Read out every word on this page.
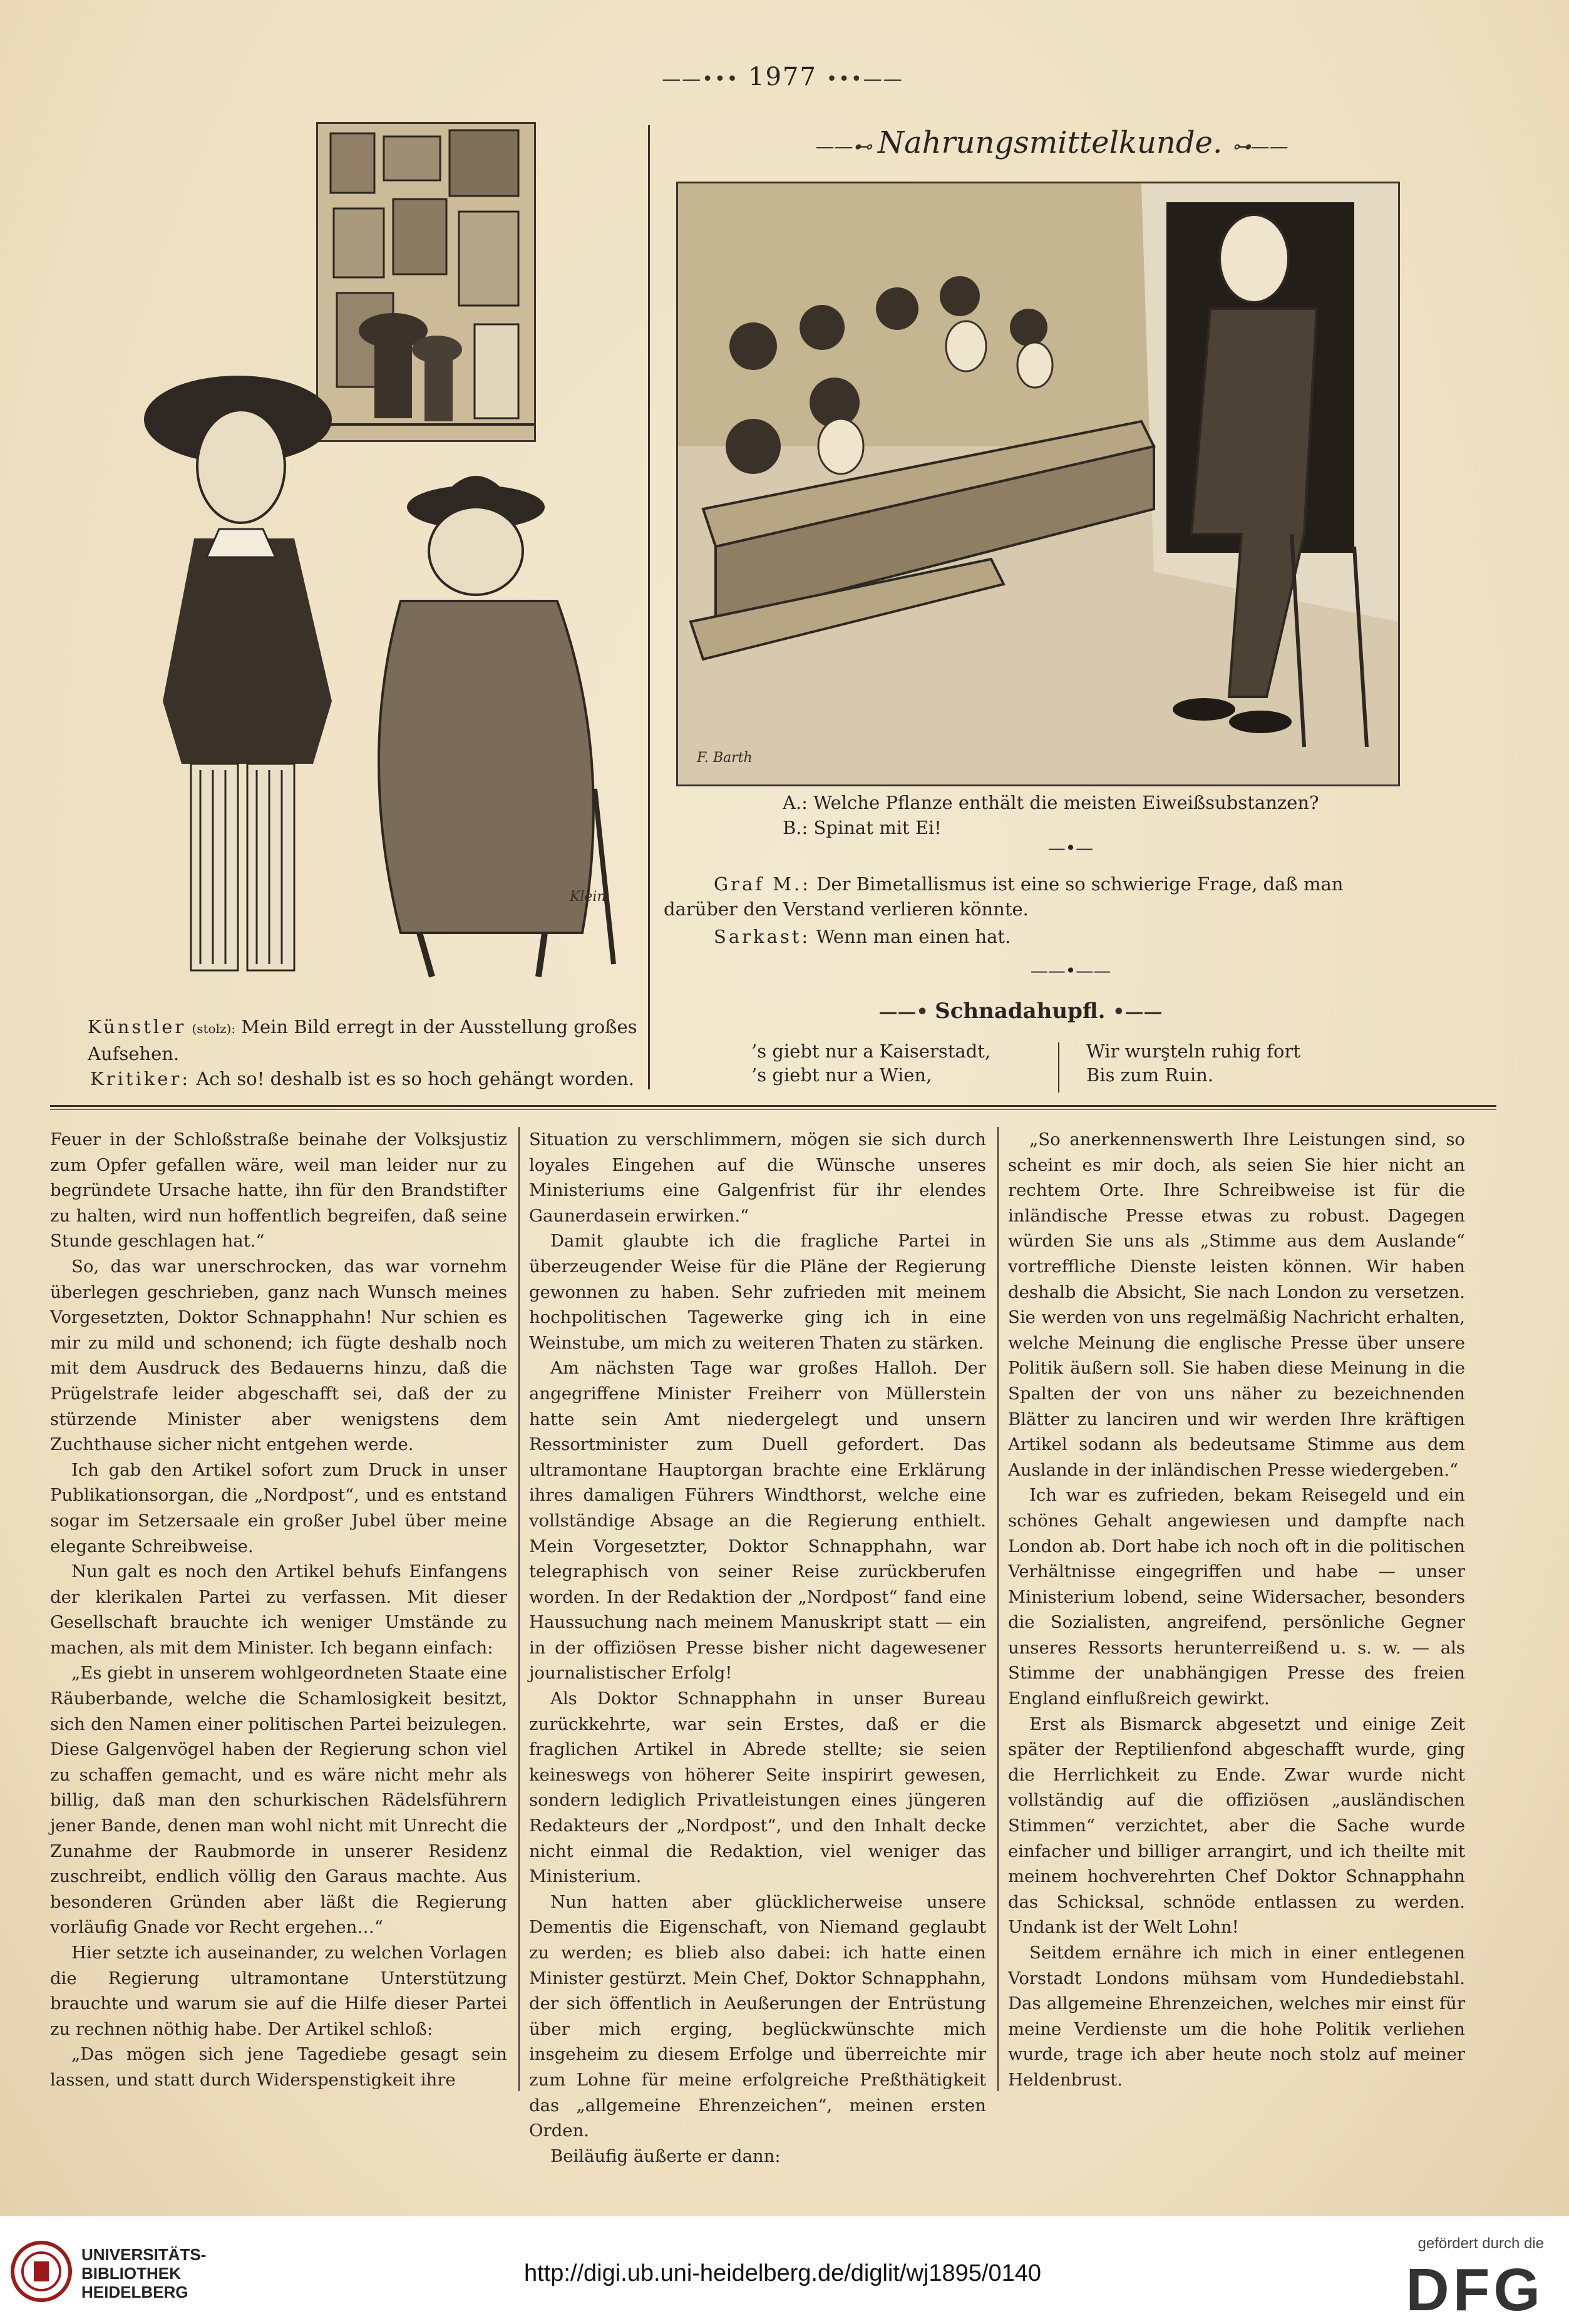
——••• 1977 •••——
Klein
Künstler (stolz): Mein Bild erregt in der Ausstellung großes Aufsehen.
Kritiker: Ach so! deshalb ist es so hoch gehängt worden.
——⊷ Nahrungsmittelkunde. ⊶——
F. Barth
A.: Welche Pflanze enthält die meisten Eiweißsubstanzen?
B.: Spinat mit Ei!
—•—
Graf M.: Der Bimetallismus ist eine so schwierige Frage, daß man darüber den Verstand verlieren könnte.
Sarkast: Wenn man einen hat.
——•——
——• Schnadahupfl. •——
’s giebt nur a Kaiserstadt,
’s giebt nur a Wien,
Wir wurşteln ruhig fort
Bis zum Ruin.

Feuer in der Schloßstraße beinahe der Volksjustiz zum Opfer gefallen wäre, weil man leider nur zu begründete Ursache hatte, ihn für den Brandstifter zu halten, wird nun hoffentlich begreifen, daß seine Stunde geschlagen hat.“

So, das war unerschrocken, das war vornehm überlegen geschrieben, ganz nach Wunsch meines Vorgesetzten, Doktor Schnapphahn! Nur schien es mir zu mild und schonend; ich fügte deshalb noch mit dem Ausdruck des Bedauerns hinzu, daß die Prügelstrafe leider abgeschafft sei, daß der zu stürzende Minister aber wenigstens dem Zuchthause sicher nicht entgehen werde.

Ich gab den Artikel sofort zum Druck in unser Publikationsorgan, die „Nordpost“, und es entstand sogar im Setzersaale ein großer Jubel über meine elegante Schreibweise.

Nun galt es noch den Artikel behufs Einfangens der klerikalen Partei zu verfassen. Mit dieser Gesellschaft brauchte ich weniger Umstände zu machen, als mit dem Minister. Ich begann einfach:

„Es giebt in unserem wohlgeordneten Staate eine Räuberbande, welche die Schamlosigkeit besitzt, sich den Namen einer politischen Partei beizulegen. Diese Galgenvögel haben der Regierung schon viel zu schaffen gemacht, und es wäre nicht mehr als billig, daß man den schurkischen Rädelsführern jener Bande, denen man wohl nicht mit Unrecht die Zunahme der Raubmorde in unserer Residenz zuschreibt, endlich völlig den Garaus machte. Aus besonderen Gründen aber läßt die Regierung vorläufig Gnade vor Recht ergehen…“

Hier setzte ich auseinander, zu welchen Vorlagen die Regierung ultramontane Unterstützung brauchte und warum sie auf die Hilfe dieser Partei zu rechnen nöthig habe. Der Artikel schloß:

„Das mögen sich jene Tagediebe gesagt sein lassen, und statt durch Widerspenstigkeit ihre

Situation zu verschlimmern, mögen sie sich durch loyales Eingehen auf die Wünsche unseres Ministeriums eine Galgenfrist für ihr elendes Gaunerdasein erwirken.“

Damit glaubte ich die fragliche Partei in überzeugender Weise für die Pläne der Regierung gewonnen zu haben. Sehr zufrieden mit meinem hochpolitischen Tagewerke ging ich in eine Weinstube, um mich zu weiteren Thaten zu stärken.

Am nächsten Tage war großes Halloh. Der angegriffene Minister Freiherr von Müllerstein hatte sein Amt niedergelegt und unsern Ressortminister zum Duell gefordert. Das ultramontane Hauptorgan brachte eine Erklärung ihres damaligen Führers Windthorst, welche eine vollständige Absage an die Regierung enthielt. Mein Vorgesetzter, Doktor Schnapphahn, war telegraphisch von seiner Reise zurückberufen worden. In der Redaktion der „Nordpost“ fand eine Haussuchung nach meinem Manuskript statt — ein in der offiziösen Presse bisher nicht dagewesener journalistischer Erfolg!

Als Doktor Schnapphahn in unser Bureau zurückkehrte, war sein Erstes, daß er die fraglichen Artikel in Abrede stellte; sie seien keineswegs von höherer Seite inspirirt gewesen, sondern lediglich Privatleistungen eines jüngeren Redakteurs der „Nordpost“, und den Inhalt decke nicht einmal die Redaktion, viel weniger das Ministerium.

Nun hatten aber glücklicherweise unsere Dementis die Eigenschaft, von Niemand geglaubt zu werden; es blieb also dabei: ich hatte einen Minister gestürzt. Mein Chef, Doktor Schnapphahn, der sich öffentlich in Aeußerungen der Entrüstung über mich erging, beglückwünschte mich insgeheim zu diesem Erfolge und überreichte mir zum Lohne für meine erfolgreiche Preßthätigkeit das „allgemeine Ehrenzeichen“, meinen ersten Orden.

Beiläufig äußerte er dann:

„So anerkennenswerth Ihre Leistungen sind, so scheint es mir doch, als seien Sie hier nicht an rechtem Orte. Ihre Schreibweise ist für die inländische Presse etwas zu robust. Dagegen würden Sie uns als „Stimme aus dem Auslande“ vortreffliche Dienste leisten können. Wir haben deshalb die Absicht, Sie nach London zu versetzen. Sie werden von uns regelmäßig Nachricht erhalten, welche Meinung die englische Presse über unsere Politik äußern soll. Sie haben diese Meinung in die Spalten der von uns näher zu bezeichnenden Blätter zu lanciren und wir werden Ihre kräftigen Artikel sodann als bedeutsame Stimme aus dem Auslande in der inländischen Presse wiedergeben.“

Ich war es zufrieden, bekam Reisegeld und ein schönes Gehalt angewiesen und dampfte nach London ab. Dort habe ich noch oft in die politischen Verhältnisse eingegriffen und habe — unser Ministerium lobend, seine Widersacher, besonders die Sozialisten, angreifend, persönliche Gegner unseres Ressorts herunterreißend u. s. w. — als Stimme der unabhängigen Presse des freien England einflußreich gewirkt.

Erst als Bismarck abgesetzt und einige Zeit später der Reptilienfond abgeschafft wurde, ging die Herrlichkeit zu Ende. Zwar wurde nicht vollständig auf die offiziösen „ausländischen Stimmen“ verzichtet, aber die Sache wurde einfacher und billiger arrangirt, und ich theilte mit meinem hochverehrten Chef Doktor Schnapphahn das Schicksal, schnöde entlassen zu werden. Undank ist der Welt Lohn!

Seitdem ernähre ich mich in einer entlegenen Vorstadt Londons mühsam vom Hundediebstahl. Das allgemeine Ehrenzeichen, welches mir einst für meine Verdienste um die hohe Politik verliehen wurde, trage ich aber heute noch stolz auf meiner Heldenbrust.

UNIVERSITÄTS-
BIBLIOTHEK
HEIDELBERG
http://digi.ub.uni-heidelberg.de/diglit/wj1895/0140
gefördert durch die
DFG
